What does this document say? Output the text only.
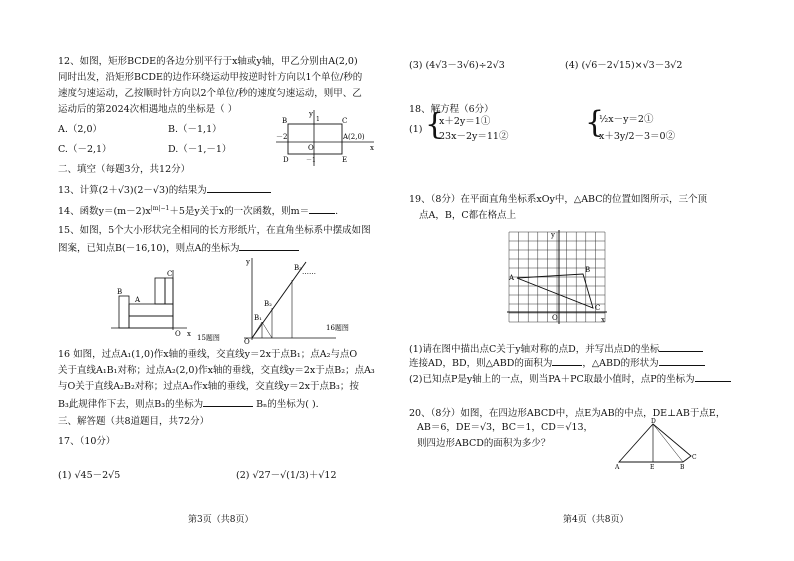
12、如图，矩形BCDE的各边分别平行于x轴或y轴，甲乙分别由A(2,0)
同时出发，沿矩形BCDE的边作环绕运动甲按逆时针方向以1个单位/秒的
速度匀速运动，乙按顺时针方向以2个单位/秒的速度匀速运动，则甲、乙
运动后的第2024次相遇地点的坐标是（ ）
A.（2,0）	B.（－1,1）
C.（－2,1）	D.（－1,－1）
y
x
B	C
D	E
O
A(2,0)
－2
－1
1
二、填空（每题3分，共12分）
13、计算(2＋√3)(2－√3)的结果为
14、函数$y=(m-2)x^{|m|-1}+5$是y关于x的一次函数，则m＝	.
15、如图，5个大小形状完全相同的长方形纸片，在直角坐标系中摆成如图
图案，已知点B(－16,10)，则点A的坐标为
B
C
A
O x 15题图
y
B₃
B₂
B₁
O
……
16题图
16 如图，过点A₁(1,0)作x轴的垂线，交直线y＝2x于点B₁；点A₂与点O
关于直线A₁B₁对称；过点A₂(2,0)作x轴的垂线，交直线y＝2x于点B₂；点A₃
与O关于直线A₂B₂对称；过点A₃作x轴的垂线，交直线y＝2x于点B₃；按
B₃此规律作下去，则点B₃的坐标为	Bₙ的坐标为( ).
三、解答题（共8道题目，共72分）
17、（10分）
(1) √45－2√5	(2) √27－√(1/3)＋√12
第3页（共8页）
(3) (4√3－3√6)÷2√3	(4) (√6－2√15)×√3－3√2
18、解方程（6分）
(1) {
x＋2y＝1①
23x－2y＝11②	{
½x－y＝2①
x＋3y/2－3＝0②
19、（8分）在平面直角坐标系xOy中，△ABC的位置如图所示，三个顶
点A，B，C都在格点上
y
x
A
B
C
O
(1)请在图中描出点C关于y轴对称的点D，并写出点D的坐标
连接AD，BD，则△ABD的面积为	，△ABD的形状为
(2)已知点P是y轴上的一点，则当PA＋PC取最小值时，点P的坐标为
20、（8分）如图，在四边形ABCD中，点E为AB的中点，DE⊥AB于点E，
AB＝6，DE＝√3，BC＝1，CD＝√13，
则四边形ABCD的面积为多少？
D
A	E	B
C
第4页（共8页）
